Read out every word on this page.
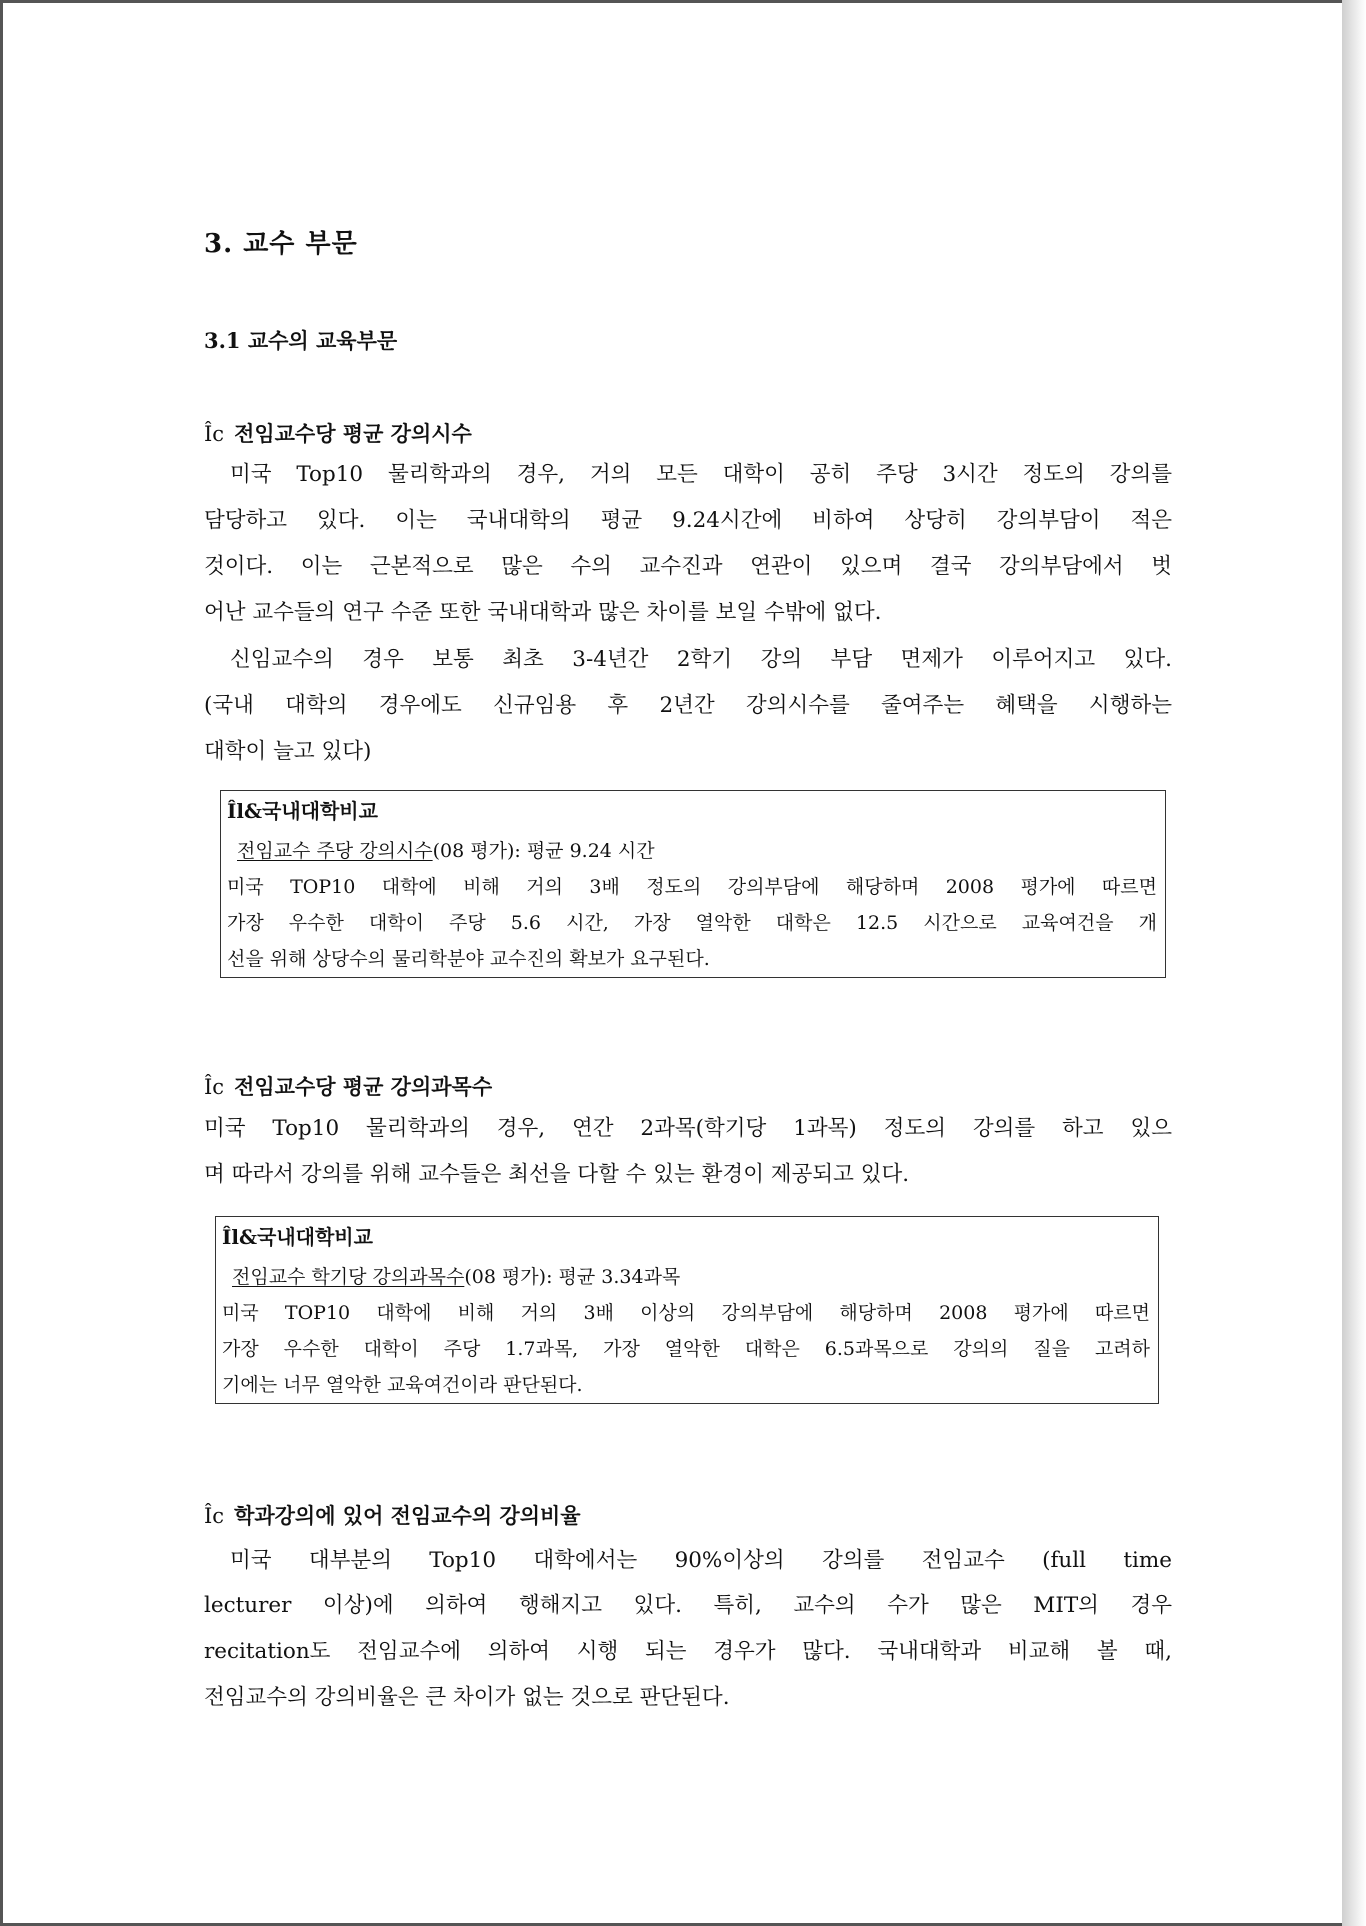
3. 교수 부문
3.1 교수의 교육부문
Îc 전임교수당 평균 강의시수
미국 Top10 물리학과의 경우, 거의 모든 대학이 공히 주당 3시간 정도의 강의를
담당하고 있다. 이는 국내대학의 평균 9.24시간에 비하여 상당히 강의부담이 적은
것이다. 이는 근본적으로 많은 수의 교수진과 연관이 있으며 결국 강의부담에서 벗
어난 교수들의 연구 수준 또한 국내대학과 많은 차이를 보일 수밖에 없다.
신임교수의 경우 보통 최초 3-4년간 2학기 강의 부담 면제가 이루어지고 있다.
(국내 대학의 경우에도 신규임용 후 2년간 강의시수를 줄여주는 혜택을 시행하는
대학이 늘고 있다)
Îl&국내대학비교
전임교수 주당 강의시수(08 평가): 평균 9.24 시간
미국 TOP10 대학에 비해 거의 3배 정도의 강의부담에 해당하며 2008 평가에 따르면
가장 우수한 대학이 주당 5.6 시간, 가장 열악한 대학은 12.5 시간으로 교육여건을 개
선을 위해 상당수의 물리학분야 교수진의 확보가 요구된다.
Îc 전임교수당 평균 강의과목수
미국 Top10 물리학과의 경우, 연간 2과목(학기당 1과목) 정도의 강의를 하고 있으
며 따라서 강의를 위해 교수들은 최선을 다할 수 있는 환경이 제공되고 있다.
Îl&국내대학비교
전임교수 학기당 강의과목수(08 평가): 평균 3.34과목
미국 TOP10 대학에 비해 거의 3배 이상의 강의부담에 해당하며 2008 평가에 따르면
가장 우수한 대학이 주당 1.7과목, 가장 열악한 대학은 6.5과목으로 강의의 질을 고려하
기에는 너무 열악한 교육여건이라 판단된다.
Îc 학과강의에 있어 전임교수의 강의비율
미국 대부분의 Top10 대학에서는 90%이상의 강의를 전임교수 (full time
lecturer 이상)에 의하여 행해지고 있다. 특히, 교수의 수가 많은 MIT의 경우
recitation도 전임교수에 의하여 시행 되는 경우가 많다. 국내대학과 비교해 볼 때,
전임교수의 강의비율은 큰 차이가 없는 것으로 판단된다.
